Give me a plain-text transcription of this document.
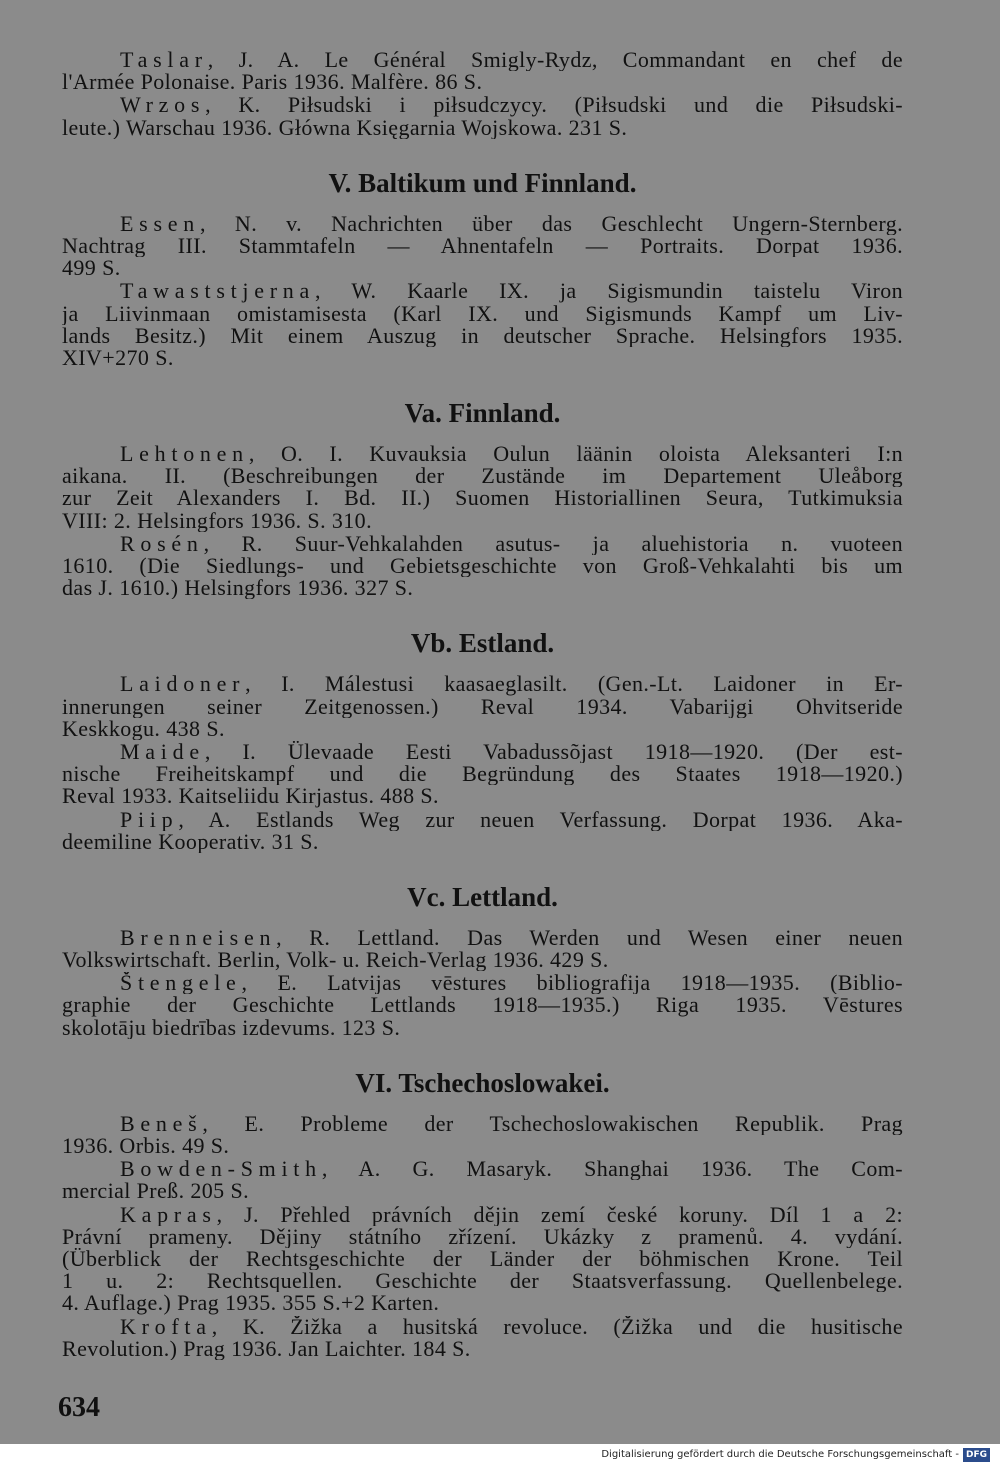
Taslar, J. A. Le Général Smigly-Rydz, Commandant en chef de
l'Armée Polonaise. Paris 1936. Malfère. 86 S.
Wrzos, K. Piłsudski i piłsudczycy. (Piłsudski und die Piłsudski-
leute.) Warschau 1936. Główna Księgarnia Wojskowa. 231 S.
V. Baltikum und Finnland.
Essen, N. v. Nachrichten über das Geschlecht Ungern-Sternberg.
Nachtrag III. Stammtafeln — Ahnentafeln — Portraits. Dorpat 1936.
499 S.
Tawaststjerna, W. Kaarle IX. ja Sigismundin taistelu Viron
ja Liivinmaan omistamisesta (Karl IX. und Sigismunds Kampf um Liv-
lands Besitz.) Mit einem Auszug in deutscher Sprache. Helsingfors 1935.
XIV+270 S.
Va. Finnland.
Lehtonen, O. I. Kuvauksia Oulun läänin oloista Aleksanteri I:n
aikana. II. (Beschreibungen der Zustände im Departement Uleåborg
zur Zeit Alexanders I. Bd. II.) Suomen Historiallinen Seura, Tutkimuksia
VIII: 2. Helsingfors 1936. S. 310.
Rosén, R. Suur-Vehkalahden asutus- ja aluehistoria n. vuoteen
1610. (Die Siedlungs- und Gebietsgeschichte von Groß-Vehkalahti bis um
das J. 1610.) Helsingfors 1936. 327 S.
Vb. Estland.
Laidoner, I. Málestusi kaasaeglasilt. (Gen.-Lt. Laidoner in Er-
innerungen seiner Zeitgenossen.) Reval 1934. Vabarijgi Ohvitseride
Keskkogu. 438 S.
Maide, I. Ülevaade Eesti Vabadussõjast 1918—1920. (Der est-
nische Freiheitskampf und die Begründung des Staates 1918—1920.)
Reval 1933. Kaitseliidu Kirjastus. 488 S.
Piip, A. Estlands Weg zur neuen Verfassung. Dorpat 1936. Aka-
deemiline Kooperativ. 31 S.
Vc. Lettland.
Brenneisen, R. Lettland. Das Werden und Wesen einer neuen
Volkswirtschaft. Berlin, Volk- u. Reich-Verlag 1936. 429 S.
Štengele, E. Latvijas vēstures bibliografija 1918—1935. (Biblio-
graphie der Geschichte Lettlands 1918—1935.) Riga 1935. Vēstures
skolotāju biedrības izdevums. 123 S.
VI. Tschechoslowakei.
Beneš, E. Probleme der Tschechoslowakischen Republik. Prag
1936. Orbis. 49 S.
Bowden-Smith, A. G. Masaryk. Shanghai 1936. The Com-
mercial Preß. 205 S.
Kapras, J. Přehled právních dějin zemí české koruny. Díl 1 a 2:
Právní prameny. Dějiny státního zřízení. Ukázky z pramenů. 4. vydání.
(Überblick der Rechtsgeschichte der Länder der böhmischen Krone. Teil
1 u. 2: Rechtsquellen. Geschichte der Staatsverfassung. Quellenbelege.
4. Auflage.) Prag 1935. 355 S.+2 Karten.
Krofta, K. Žižka a husitská revoluce. (Žižka und die husitische
Revolution.) Prag 1936. Jan Laichter. 184 S.
634
Digitalisierung gefördert durch die Deutsche Forschungsgemeinschaft - DFG
